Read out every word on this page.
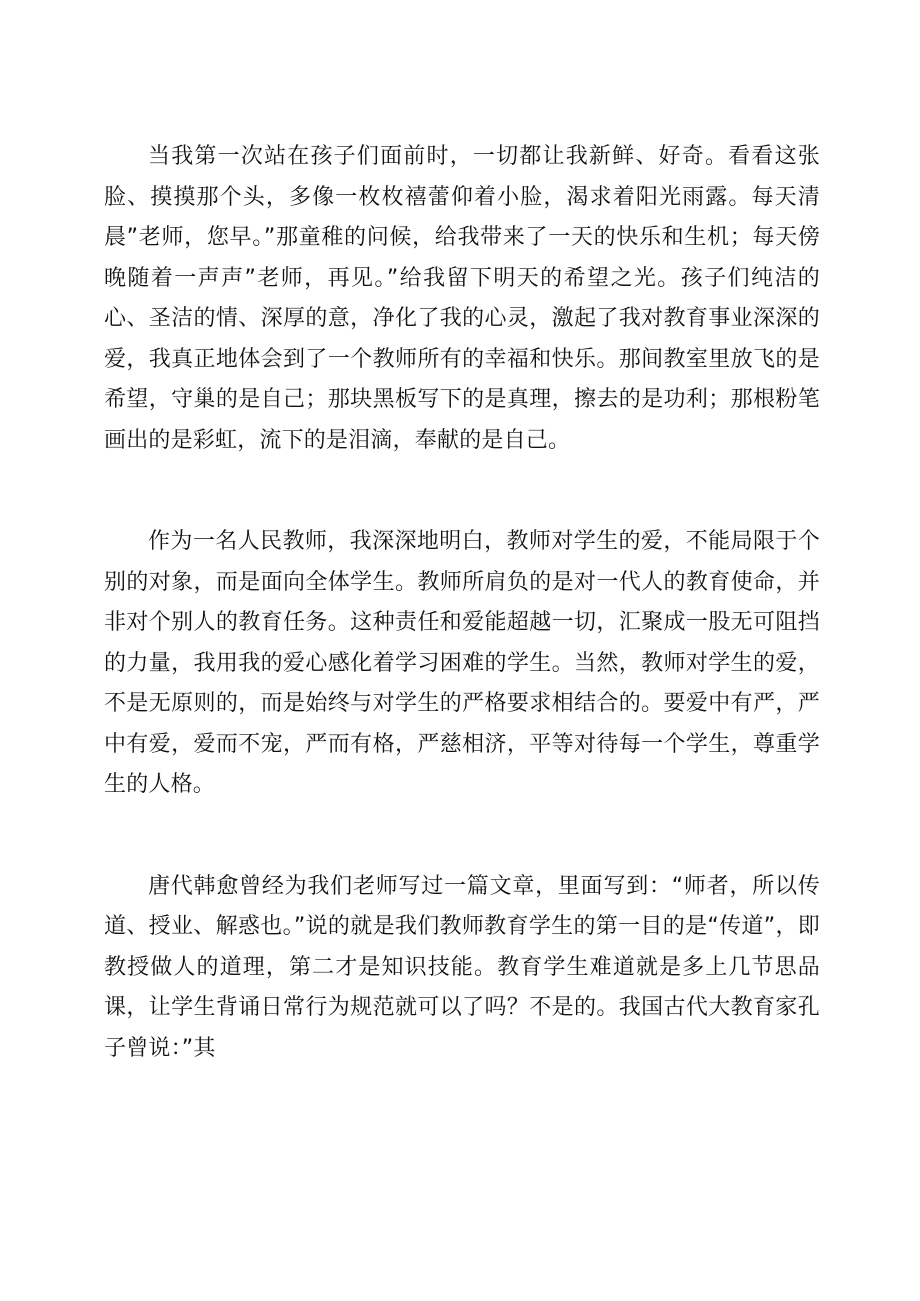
当我第一次站在孩子们面前时，一切都让我新鲜、好奇。看看这张脸、摸摸那个头，多像一枚枚禧蕾仰着小脸，渴求着阳光雨露。每天清晨”老师，您早。”那童稚的问候，给我带来了一天的快乐和生机；每天傍晚随着一声声”老师，再见。”给我留下明天的希望之光。孩子们纯洁的心、圣洁的情、深厚的意，净化了我的心灵，激起了我对教育事业深深的爱，我真正地体会到了一个教师所有的幸福和快乐。那间教室里放飞的是希望，守巢的是自己；那块黑板写下的是真理，擦去的是功利；那根粉笔画出的是彩虹，流下的是泪滴，奉献的是自己。

作为一名人民教师，我深深地明白，教师对学生的爱，不能局限于个别的对象，而是面向全体学生。教师所肩负的是对一代人的教育使命，并非对个别人的教育任务。这种责任和爱能超越一切，汇聚成一股无可阻挡的力量，我用我的爱心感化着学习困难的学生。当然，教师对学生的爱，不是无原则的，而是始终与对学生的严格要求相结合的。要爱中有严，严中有爱，爱而不宠，严而有格，严慈相济，平等对待每一个学生，尊重学生的人格。

唐代韩愈曾经为我们老师写过一篇文章，里面写到：“师者，所以传道、授业、解惑也。”说的就是我们教师教育学生的第一目的是“传道”，即教授做人的道理，第二才是知识技能。教育学生难道就是多上几节思品课，让学生背诵日常行为规范就可以了吗？不是的。我国古代大教育家孔子曾说：”其
